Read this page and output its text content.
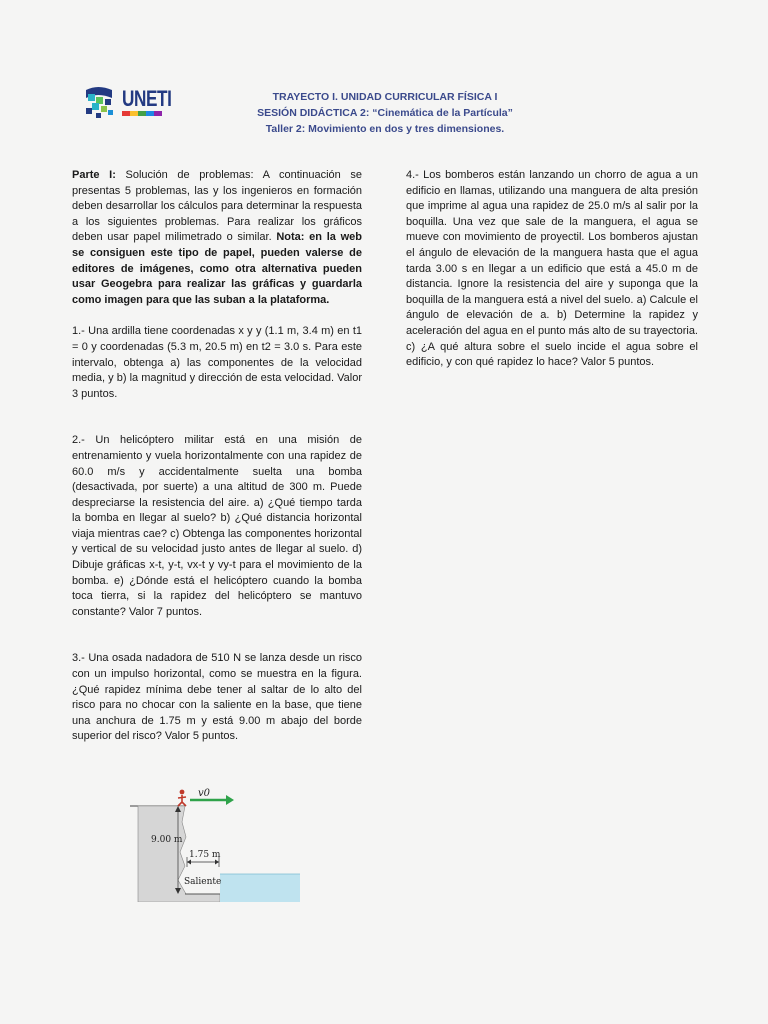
UNETI	TRAYECTO I. UNIDAD CURRICULAR FÍSICA I
SESIÓN DIDÁCTICA 2: “Cinemática de la Partícula”
Taller 2: Movimiento en dos y tres dimensiones.

Parte I: Solución de problemas: A continuación se presentas 5 problemas, las y los ingenieros en formación deben desarrollar los cálculos para determinar la respuesta a los siguientes problemas. Para realizar los gráficos deben usar papel milimetrado o similar. Nota: en la web se consiguen este tipo de papel, pueden valerse de editores de imágenes, como otra alternativa pueden usar Geogebra para realizar las gráficas y guardarla como imagen para que las suban a la plataforma.

1.- Una ardilla tiene coordenadas x y y (1.1 m, 3.4 m) en t1 = 0 y coordenadas (5.3 m, 20.5 m) en t2 = 3.0 s. Para este intervalo, obtenga a) las componentes de la velocidad media, y b) la magnitud y dirección de esta velocidad. Valor 3 puntos.

2.- Un helicóptero militar está en una misión de entrenamiento y vuela horizontalmente con una rapidez de 60.0 m/s y accidentalmente suelta una bomba (desactivada, por suerte) a una altitud de 300 m. Puede despreciarse la resistencia del aire. a) ¿Qué tiempo tarda la bomba en llegar al suelo? b) ¿Qué distancia horizontal viaja mientras cae? c) Obtenga las componentes horizontal y vertical de su velocidad justo antes de llegar al suelo. d) Dibuje gráficas x-t, y-t, vx-t y vy-t para el movimiento de la bomba. e) ¿Dónde está el helicóptero cuando la bomba toca tierra, si la rapidez del helicóptero se mantuvo constante? Valor 7 puntos.

3.- Una osada nadadora de 510 N se lanza desde un risco con un impulso horizontal, como se muestra en la figura. ¿Qué rapidez mínima debe tener al saltar de lo alto del risco para no chocar con la saliente en la base, que tiene una anchura de 1.75 m y está 9.00 m abajo del borde superior del risco? Valor 5 puntos.

4.- Los bomberos están lanzando un chorro de agua a un edificio en llamas, utilizando una manguera de alta presión que imprime al agua una rapidez de 25.0 m/s al salir por la boquilla. Una vez que sale de la manguera, el agua se mueve con movimiento de proyectil. Los bomberos ajustan el ángulo de elevación de la manguera hasta que el agua tarda 3.00 s en llegar a un edificio que está a 45.0 m de distancia. Ignore la resistencia del aire y suponga que la boquilla de la manguera está a nivel del suelo. a) Calcule el ángulo de elevación de a. b) Determine la rapidez y aceleración del agua en el punto más alto de su trayectoria. c) ¿A qué altura sobre el suelo incide el agua sobre el edificio, y con qué rapidez lo hace? Valor 5 puntos.

v0
9.00 m
1.75 m
Saliente
